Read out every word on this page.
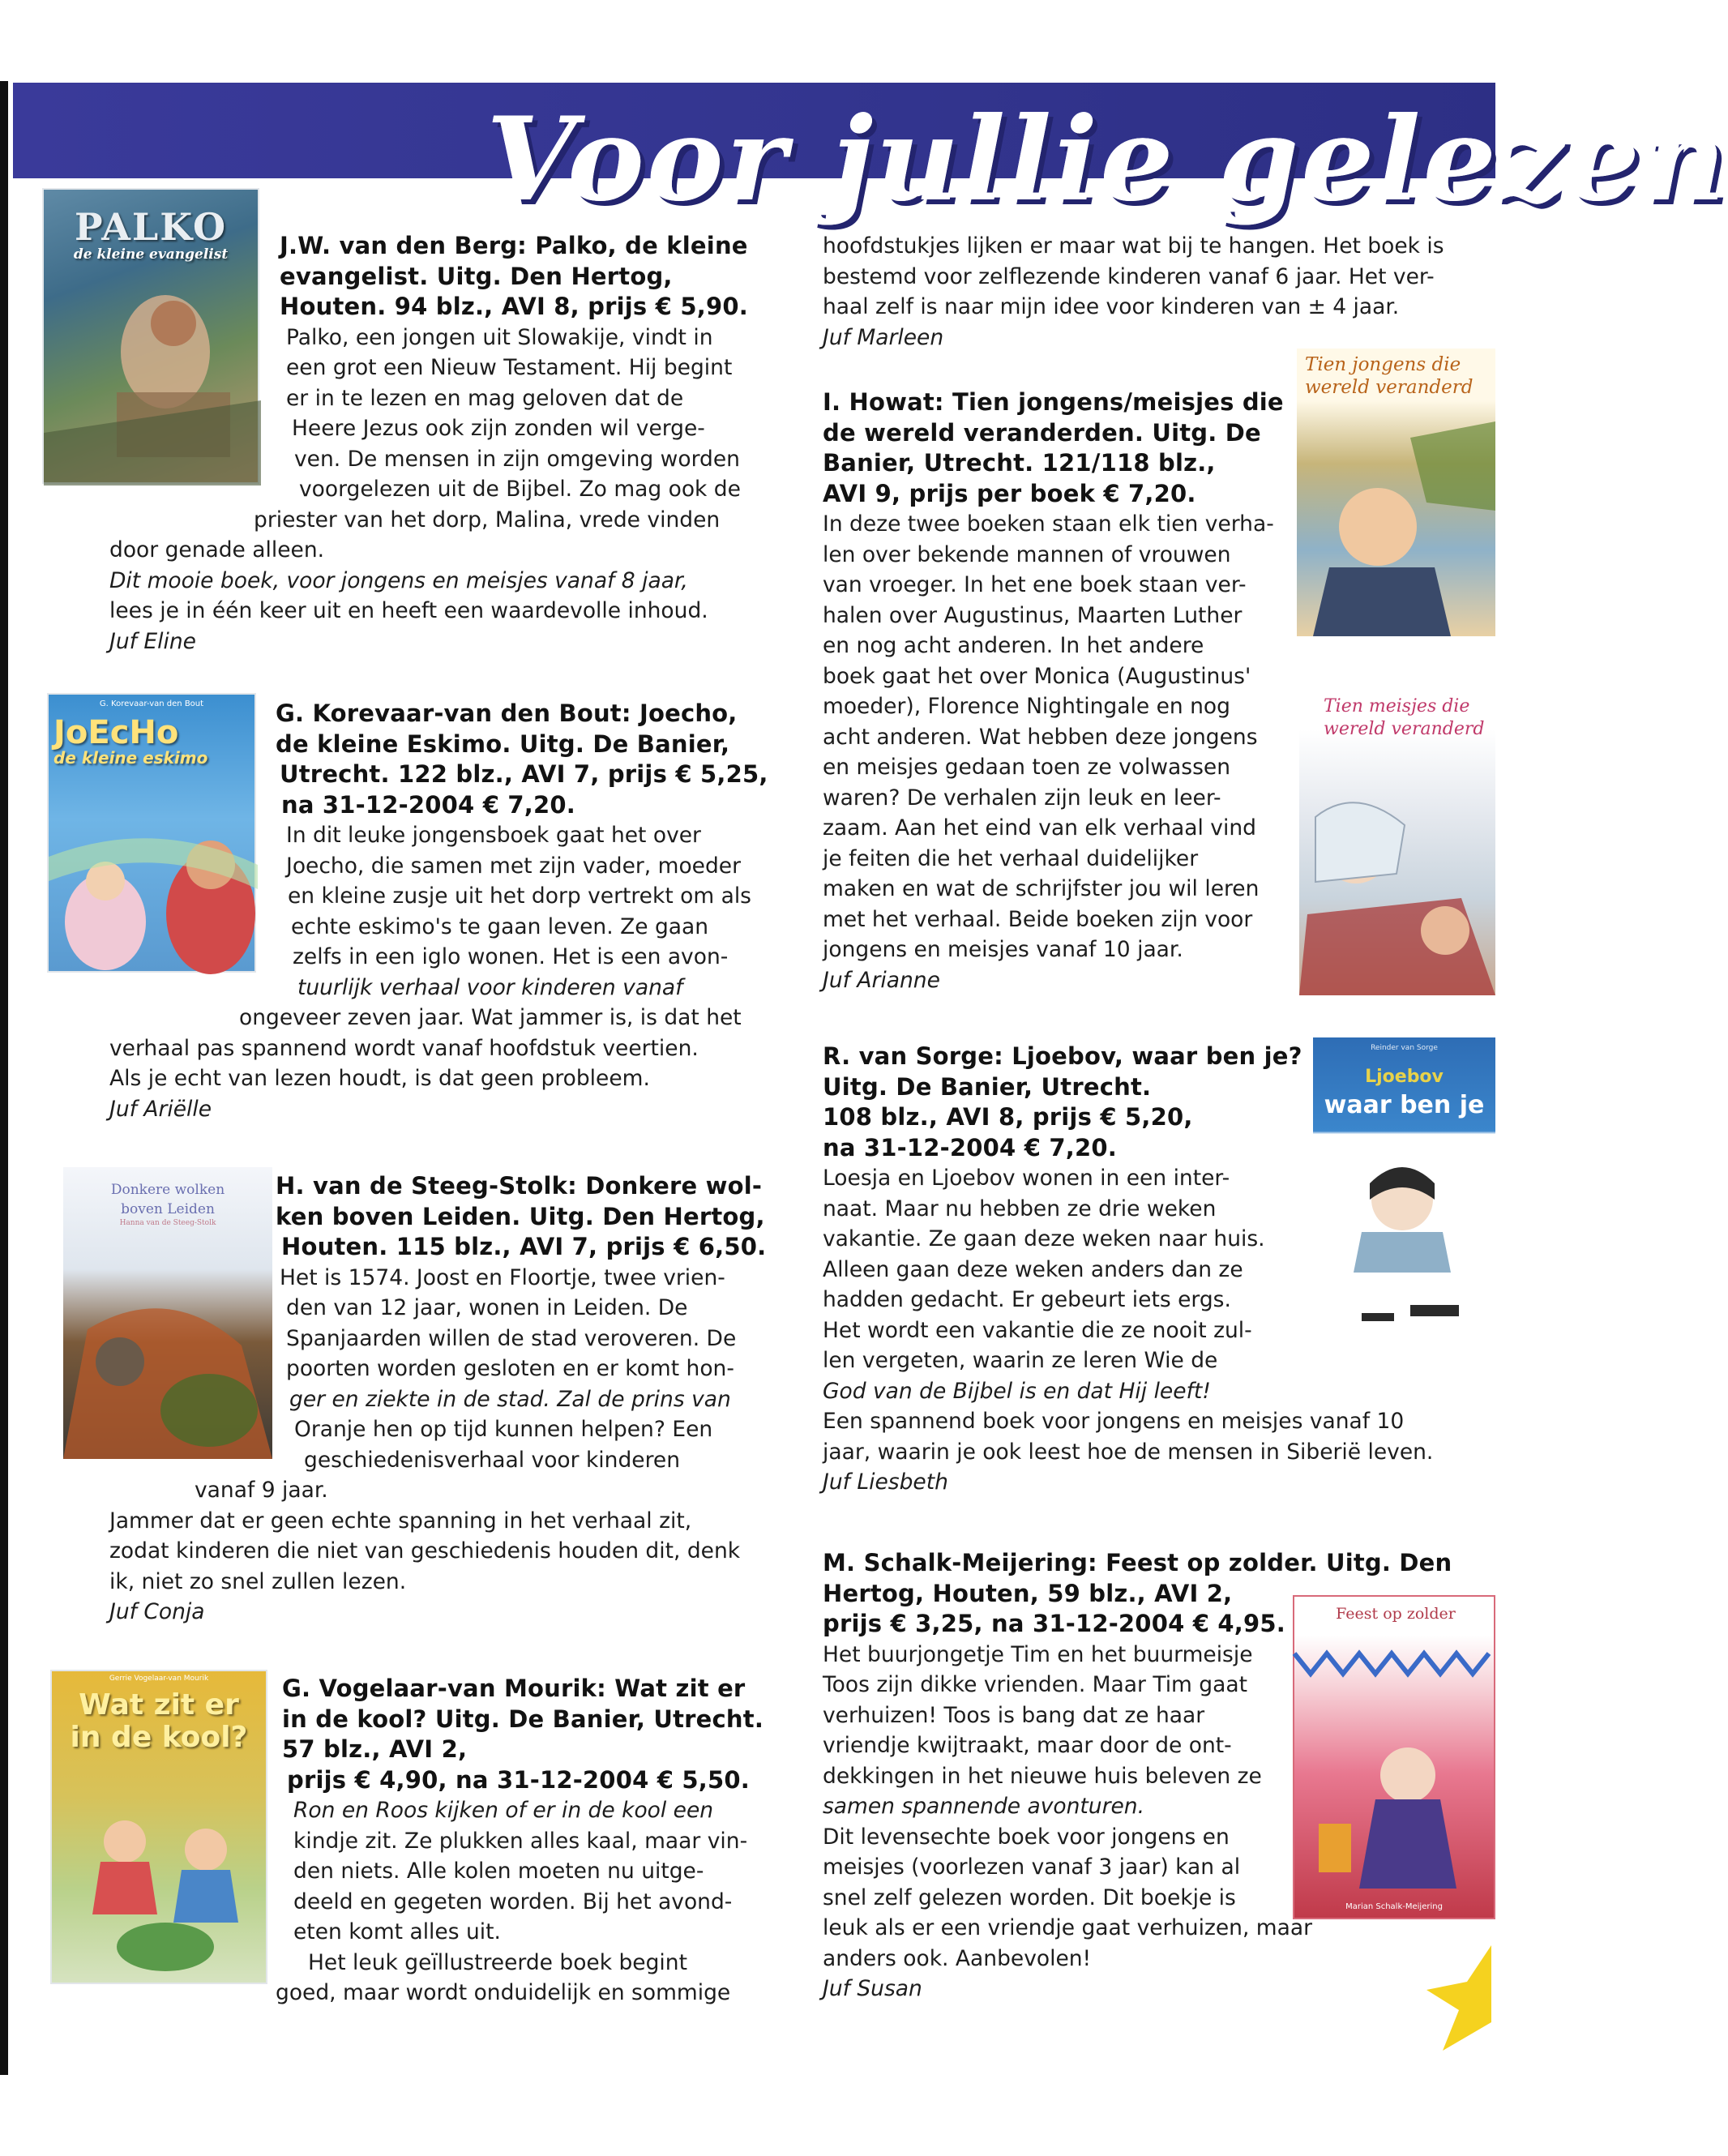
Voor jullie gelezen
PALKO
de kleine evangelist
G. Korevaar-van den Bout
JoEcHo
de kleine eskimo
Donkere wolken boven Leiden
Hanna van de Steeg-Stolk
Gerrie Vogelaar-van Mourik
Wat zit er in de kool?
Tien jongens die wereld veranderd
Tien meisjes die wereld veranderd
Reinder van Sorge
Ljoebov
waar ben je
Feest op zolder
Marian Schalk-Meijering

J.W. van den Berg: Palko, de kleine

evangelist. Uitg. Den Hertog,

Houten. 94 blz., AVI 8, prijs € 5,90.

Palko, een jongen uit Slowakije, vindt in

een grot een Nieuw Testament. Hij begint

er in te lezen en mag geloven dat de

Heere Jezus ook zijn zonden wil verge-

ven. De mensen in zijn omgeving worden

voorgelezen uit de Bijbel. Zo mag ook de

priester van het dorp, Malina, vrede vinden

door genade alleen.

Dit mooie boek, voor jongens en meisjes vanaf 8 jaar,

lees je in één keer uit en heeft een waardevolle inhoud.

Juf Eline

G. Korevaar-van den Bout: Joecho,

de kleine Eskimo. Uitg. De Banier,

Utrecht. 122 blz., AVI 7, prijs € 5,25,

na 31-12-2004 € 7,20.

In dit leuke jongensboek gaat het over

Joecho, die samen met zijn vader, moeder

en kleine zusje uit het dorp vertrekt om als

echte eskimo's te gaan leven. Ze gaan

zelfs in een iglo wonen. Het is een avon-

tuurlijk verhaal voor kinderen vanaf

ongeveer zeven jaar. Wat jammer is, is dat het

verhaal pas spannend wordt vanaf hoofdstuk veertien.

Als je echt van lezen houdt, is dat geen probleem.

Juf Ariëlle

H. van de Steeg-Stolk: Donkere wol-

ken boven Leiden. Uitg. Den Hertog,

Houten. 115 blz., AVI 7, prijs € 6,50.

Het is 1574. Joost en Floortje, twee vrien-

den van 12 jaar, wonen in Leiden. De

Spanjaarden willen de stad veroveren. De

poorten worden gesloten en er komt hon-

ger en ziekte in de stad. Zal de prins van

Oranje hen op tijd kunnen helpen? Een

geschiedenisverhaal voor kinderen

vanaf 9 jaar.

Jammer dat er geen echte spanning in het verhaal zit,

zodat kinderen die niet van geschiedenis houden dit, denk

ik, niet zo snel zullen lezen.

Juf Conja

G. Vogelaar-van Mourik: Wat zit er

in de kool? Uitg. De Banier, Utrecht.

57 blz., AVI 2,

prijs € 4,90, na 31-12-2004 € 5,50.

Ron en Roos kijken of er in de kool een

kindje zit. Ze plukken alles kaal, maar vin-

den niets. Alle kolen moeten nu uitge-

deeld en gegeten worden. Bij het avond-

eten komt alles uit.

Het leuk geïllustreerde boek begint

goed, maar wordt onduidelijk en sommige

hoofdstukjes lijken er maar wat bij te hangen. Het boek is

bestemd voor zelflezende kinderen vanaf 6 jaar. Het ver-

haal zelf is naar mijn idee voor kinderen van ± 4 jaar.

Juf Marleen

I. Howat: Tien jongens/meisjes die

de wereld veranderden. Uitg. De

Banier, Utrecht. 121/118 blz.,

AVI 9, prijs per boek € 7,20.

In deze twee boeken staan elk tien verha-

len over bekende mannen of vrouwen

van vroeger. In het ene boek staan ver-

halen over Augustinus, Maarten Luther

en nog acht anderen. In het andere

boek gaat het over Monica (Augustinus'

moeder), Florence Nightingale en nog

acht anderen. Wat hebben deze jongens

en meisjes gedaan toen ze volwassen

waren? De verhalen zijn leuk en leer-

zaam. Aan het eind van elk verhaal vind

je feiten die het verhaal duidelijker

maken en wat de schrijfster jou wil leren

met het verhaal. Beide boeken zijn voor

jongens en meisjes vanaf 10 jaar.

Juf Arianne

R. van Sorge: Ljoebov, waar ben je?

Uitg. De Banier, Utrecht.

108 blz., AVI 8, prijs € 5,20,

na 31-12-2004 € 7,20.

Loesja en Ljoebov wonen in een inter-

naat. Maar nu hebben ze drie weken

vakantie. Ze gaan deze weken naar huis.

Alleen gaan deze weken anders dan ze

hadden gedacht. Er gebeurt iets ergs.

Het wordt een vakantie die ze nooit zul-

len vergeten, waarin ze leren Wie de

God van de Bijbel is en dat Hij leeft!

Een spannend boek voor jongens en meisjes vanaf 10

jaar, waarin je ook leest hoe de mensen in Siberië leven.

Juf Liesbeth

M. Schalk-Meijering: Feest op zolder. Uitg. Den

Hertog, Houten, 59 blz., AVI 2,

prijs € 3,25, na 31-12-2004 € 4,95.

Het buurjongetje Tim en het buurmeisje

Toos zijn dikke vrienden. Maar Tim gaat

verhuizen! Toos is bang dat ze haar

vriendje kwijtraakt, maar door de ont-

dekkingen in het nieuwe huis beleven ze

samen spannende avonturen.

Dit levensechte boek voor jongens en

meisjes (voorlezen vanaf 3 jaar) kan al

snel zelf gelezen worden. Dit boekje is

leuk als er een vriendje gaat verhuizen, maar

anders ook. Aanbevolen!

Juf Susan
